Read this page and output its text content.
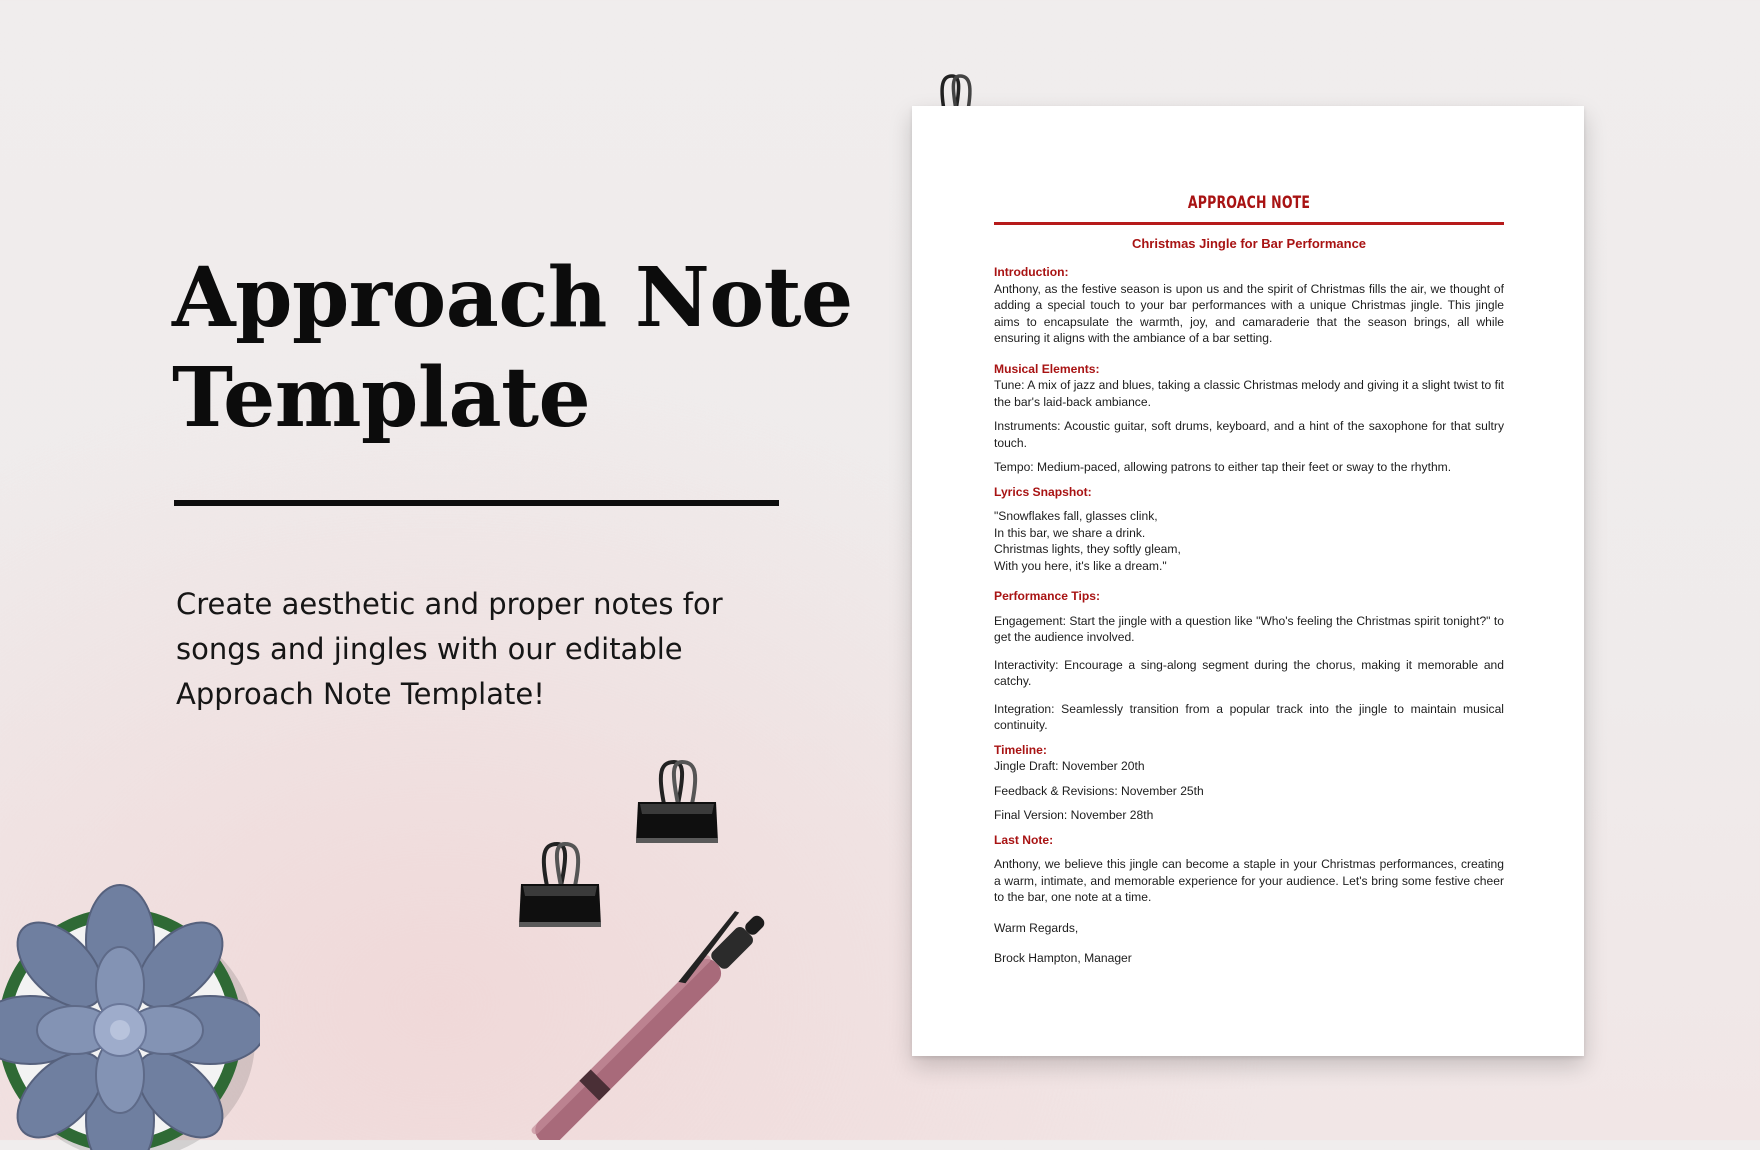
Approach Note
Template

Create aesthetic and proper notes for songs and jingles with our editable Approach Note Template!

APPROACH NOTE
Christmas Jingle for Bar Performance
Introduction:

Anthony, as the festive season is upon us and the spirit of Christmas fills the air, we thought of adding a special touch to your bar performances with a unique Christmas jingle. This jingle aims to encapsulate the warmth, joy, and camaraderie that the season brings, all while ensuring it aligns with the ambiance of a bar setting.

Musical Elements:

Tune: A mix of jazz and blues, taking a classic Christmas melody and giving it a slight twist to fit the bar's laid-back ambiance.

Instruments: Acoustic guitar, soft drums, keyboard, and a hint of the saxophone for that sultry touch.

Tempo: Medium-paced, allowing patrons to either tap their feet or sway to the rhythm.

Lyrics Snapshot:
"Snowflakes fall, glasses clink,
In this bar, we share a drink.
Christmas lights, they softly gleam,
With you here, it's like a dream."
Performance Tips:

Engagement: Start the jingle with a question like "Who's feeling the Christmas spirit tonight?" to get the audience involved.

Interactivity: Encourage a sing-along segment during the chorus, making it memorable and catchy.

Integration: Seamlessly transition from a popular track into the jingle to maintain musical continuity.

Timeline:

Jingle Draft: November 20th

Feedback & Revisions: November 25th

Final Version: November 28th

Last Note:

Anthony, we believe this jingle can become a staple in your Christmas performances, creating a warm, intimate, and memorable experience for your audience. Let's bring some festive cheer to the bar, one note at a time.

Warm Regards,

Brock Hampton, Manager
